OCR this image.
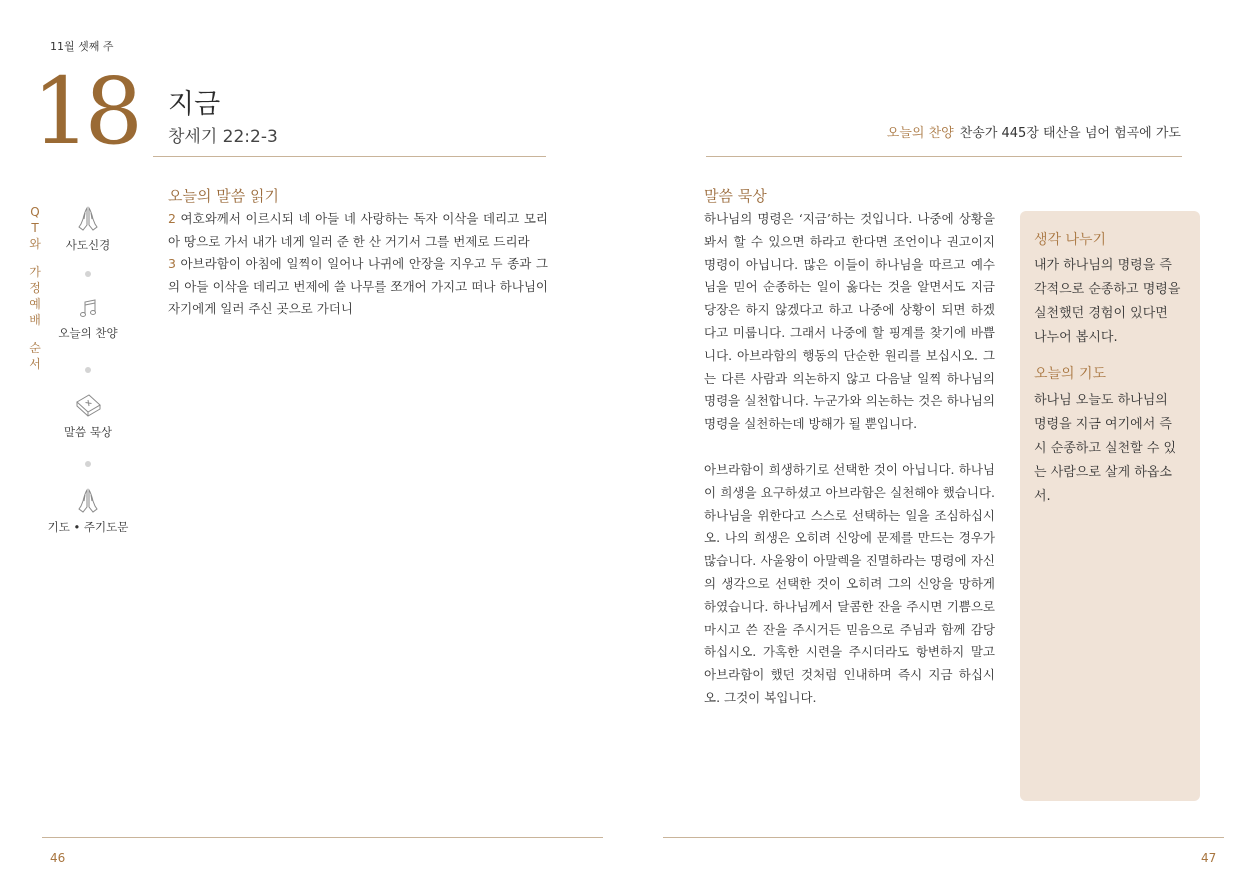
11월 셋째 주
18 지금
창세기 22:2-3	오늘의 찬양 찬송가 445장 태산을 넘어 험곡에 가도
Q
T
와
가
정
예
배
순
서
사도신경
오늘의 찬양
말씀 묵상
기도 • 주기도문
오늘의 말씀 읽기
2 여호와께서 이르시되 네 아들 네 사랑하는 독자 이삭을 데리고 모리아 땅으로 가서 내가 네게 일러 준 한 산 거기서 그를 번제로 드리라
3 아브라함이 아침에 일찍이 일어나 나귀에 안장을 지우고 두 종과 그의 아들 이삭을 데리고 번제에 쓸 나무를 쪼개어 가지고 떠나 하나님이 자기에게 일러 주신 곳으로 가더니
말씀 묵상

하나님의 명령은 ‘지금’하는 것입니다. 나중에 상황을 봐서 할 수 있으면 하라고 한다면 조언이나 권고이지 명령이 아닙니다. 많은 이들이 하나님을 따르고 예수님을 믿어 순종하는 일이 옳다는 것을 알면서도 지금 당장은 하지 않겠다고 하고 나중에 상황이 되면 하겠다고 미룹니다. 그래서 나중에 할 핑계를 찾기에 바쁩니다. 아브라함의 행동의 단순한 원리를 보십시오. 그는 다른 사람과 의논하지 않고 다음날 일찍 하나님의 명령을 실천합니다. 누군가와 의논하는 것은 하나님의 명령을 실천하는데 방해가 될 뿐입니다.

아브라함이 희생하기로 선택한 것이 아닙니다. 하나님이 희생을 요구하셨고 아브라함은 실천해야 했습니다. 하나님을 위한다고 스스로 선택하는 일을 조심하십시오. 나의 희생은 오히려 신앙에 문제를 만드는 경우가 많습니다. 사울왕이 아말렉을 진멸하라는 명령에 자신의 생각으로 선택한 것이 오히려 그의 신앙을 망하게 하였습니다. 하나님께서 달콤한 잔을 주시면 기쁨으로 마시고 쓴 잔을 주시거든 믿음으로 주님과 함께 감당하십시오. 가혹한 시련을 주시더라도 항변하지 말고 아브라함이 했던 것처럼 인내하며 즉시 지금 하십시오. 그것이 복입니다.

생각 나누기
내가 하나님의 명령을 즉각적으로 순종하고 명령을 실천했던 경험이 있다면 나누어 봅시다.
오늘의 기도
하나님 오늘도 하나님의 명령을 지금 여기에서 즉시 순종하고 실천할 수 있는 사람으로 살게 하옵소서.
46	47
